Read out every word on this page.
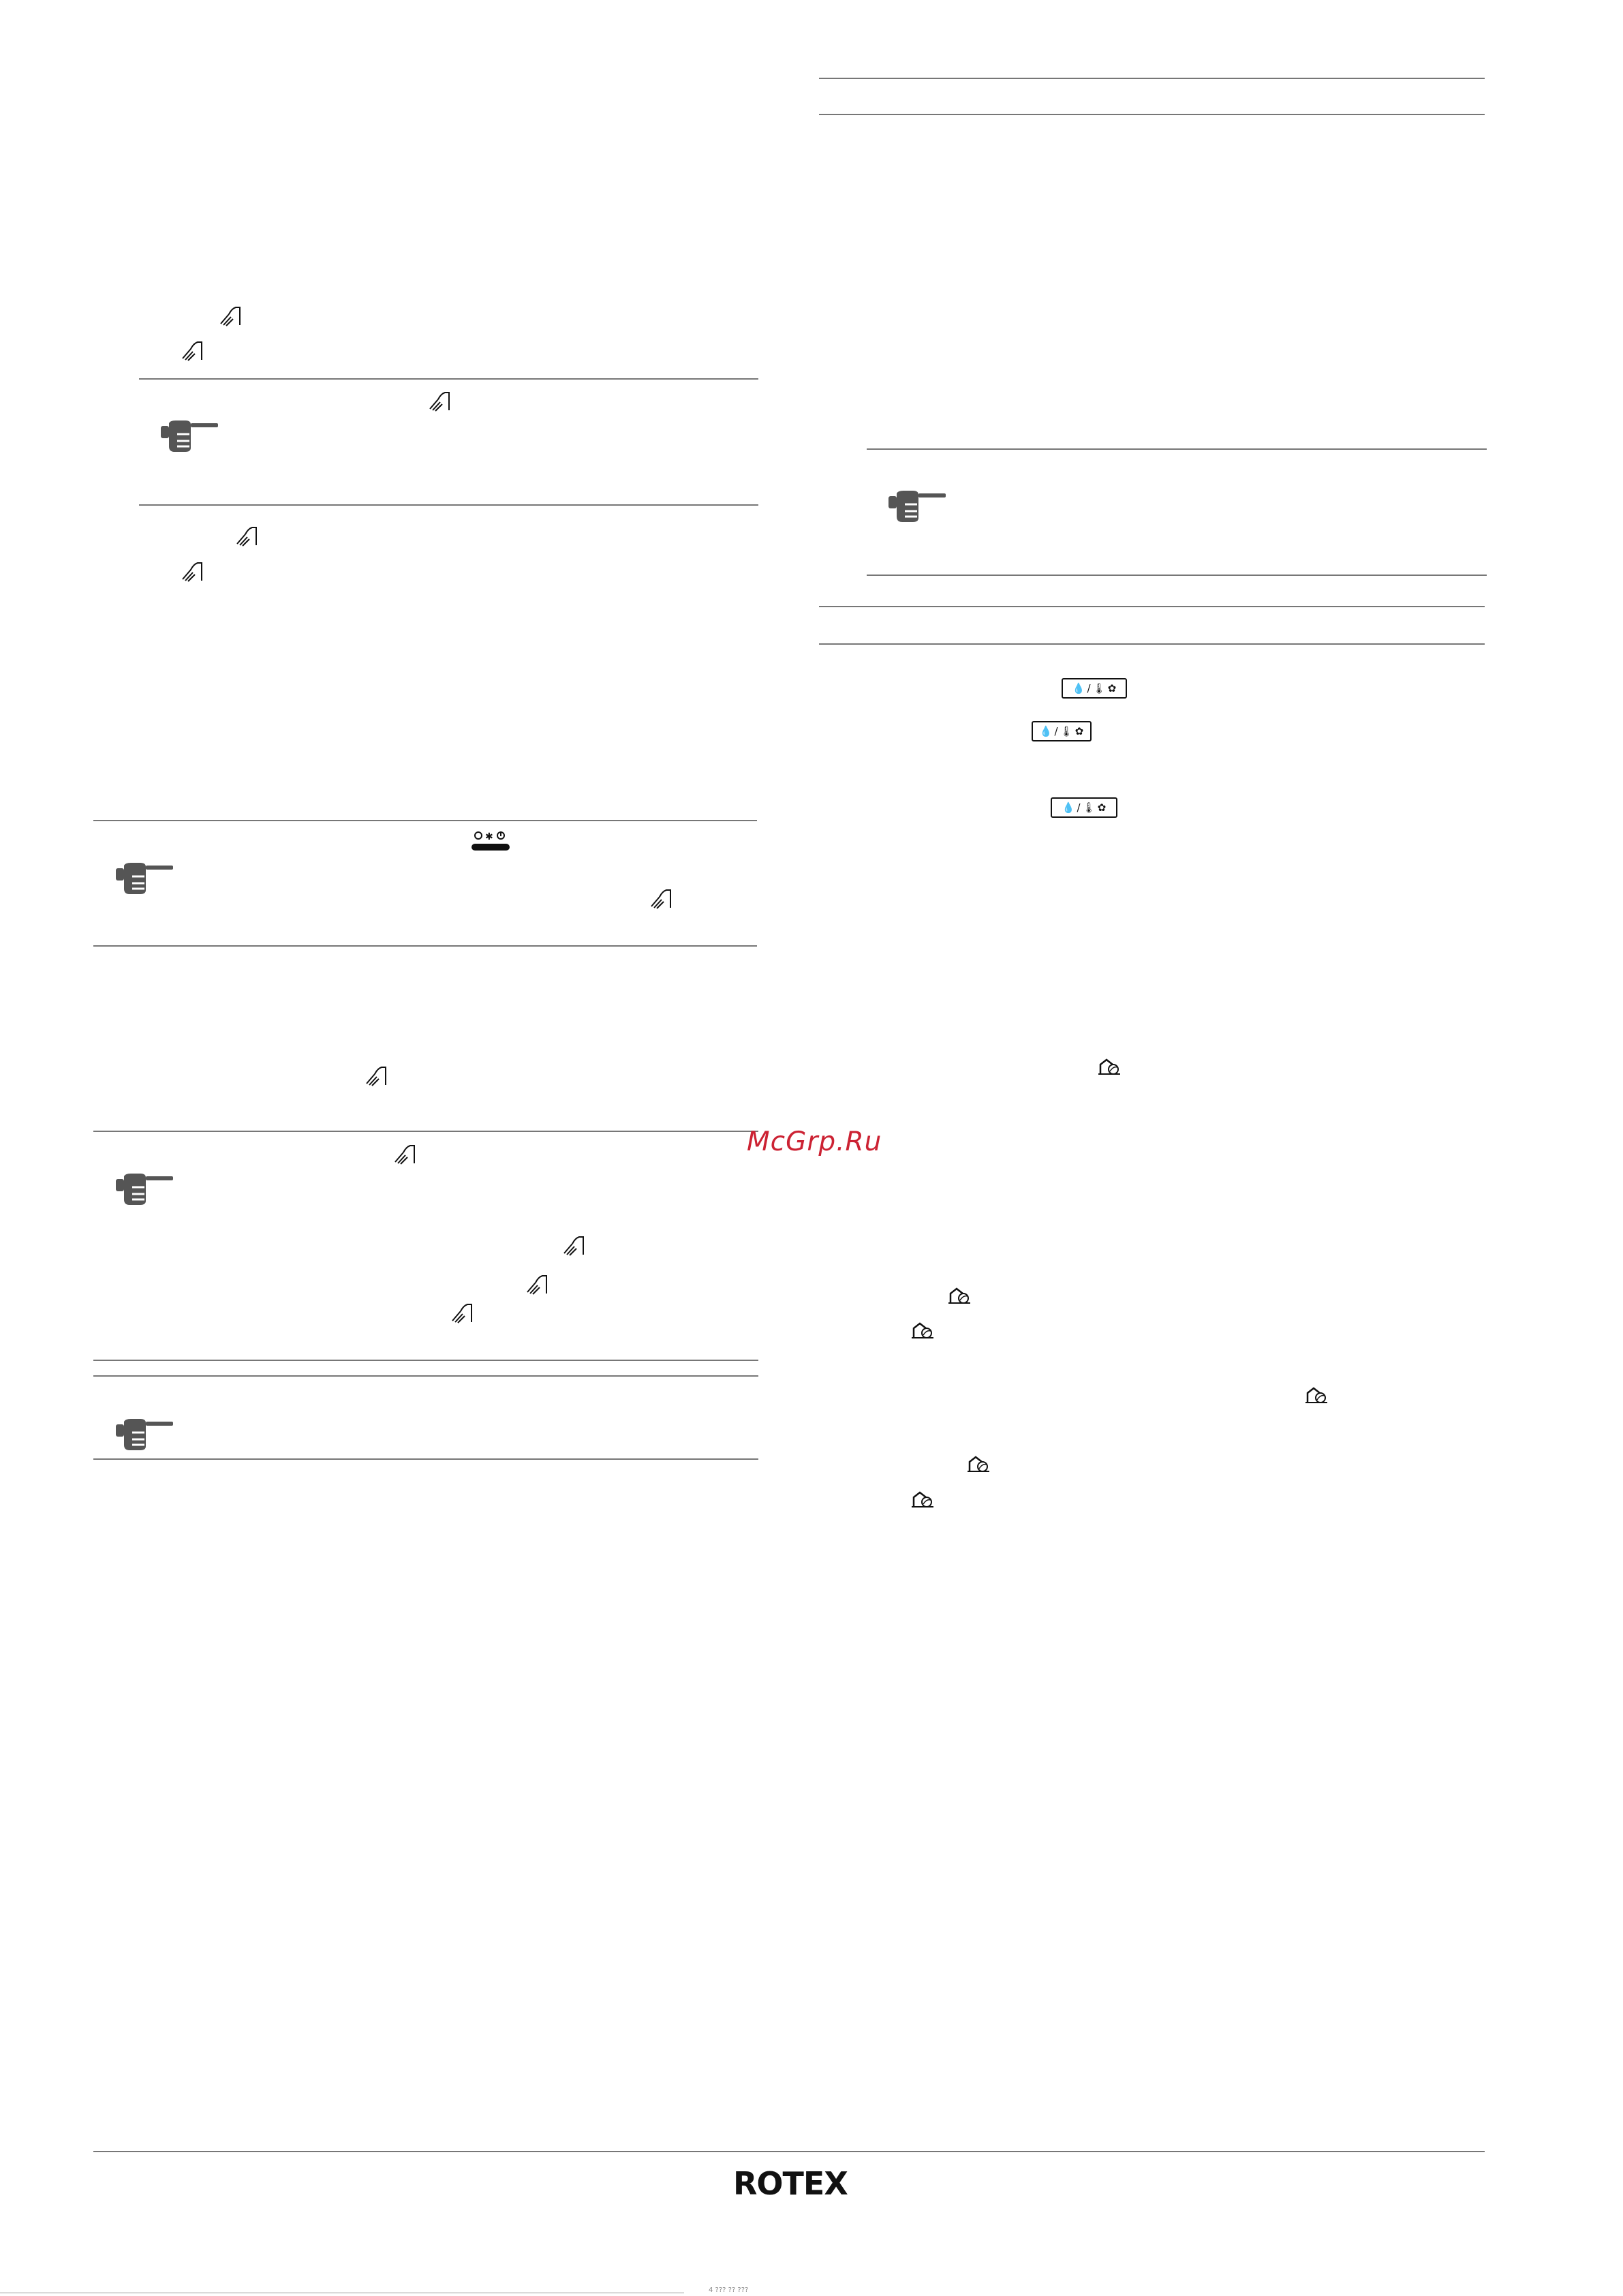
✱
💧 / 🌡 ✿
💧 / 🌡 ✿
💧 / 🌡 ✿
McGrp.Ru
ROTEX
4 ??? ?? ???
